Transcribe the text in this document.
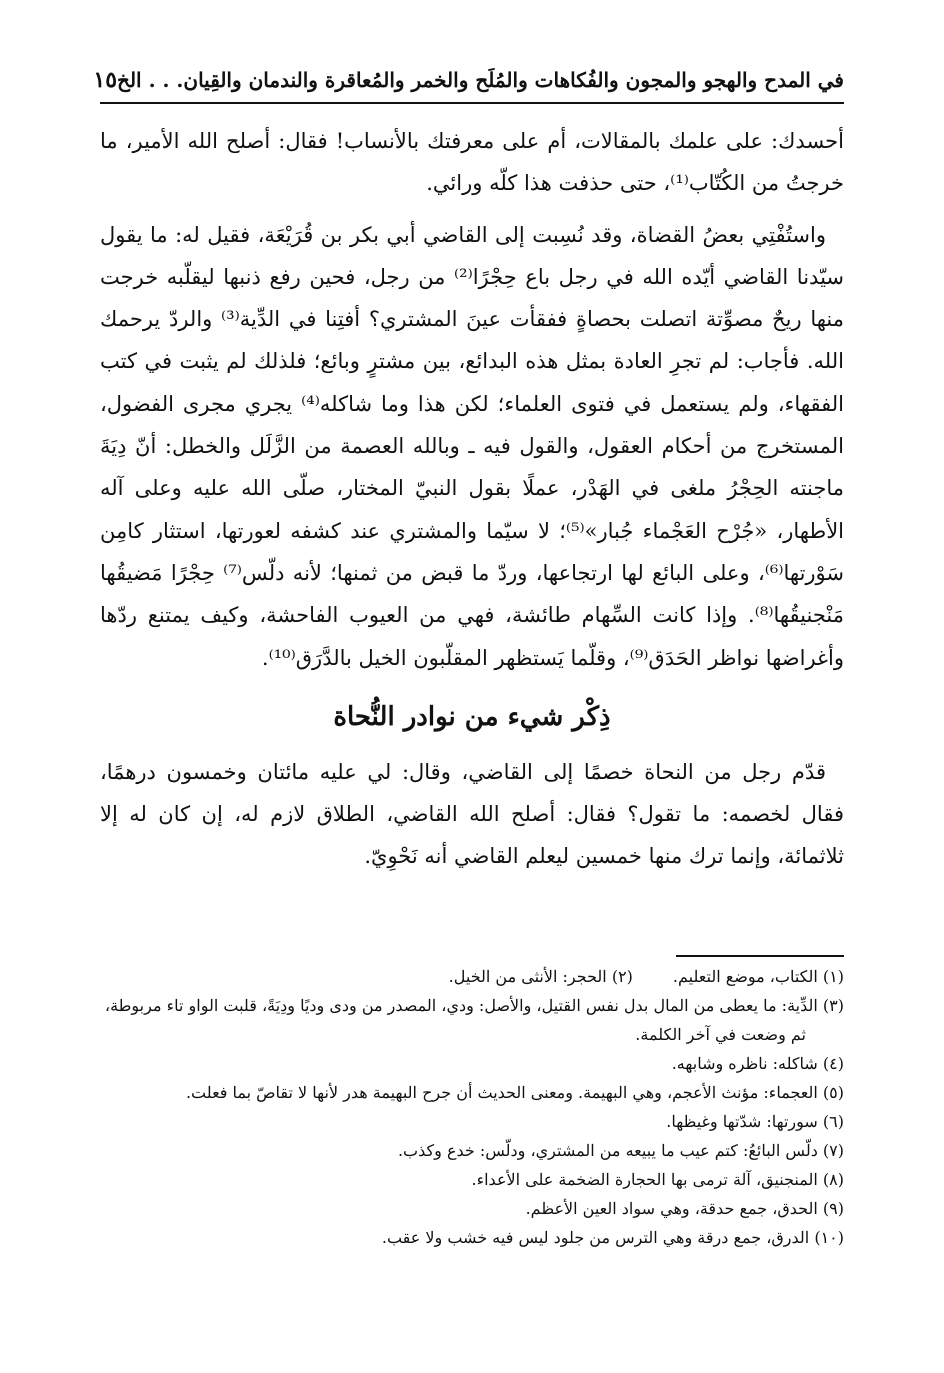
في المدح والهجو والمجون والفُكاهات والمُلَح والخمر والمُعاقرة والندمان والقِيان. . . الخ
١٥

أحسدك: على علمك بالمقالات، أم على معرفتك بالأنساب! فقال: أصلح الله الأمير، ما خرجتُ من الكُتّاب⁽¹⁾، حتى حذفت هذا كلّه ورائي.

واستُفْتِي بعضُ القضاة، وقد نُسِبت إلى القاضي أبي بكر بن قُرَيْعَة، فقيل له: ما يقول سيّدنا القاضي أيّده الله في رجل باع حِجْرًا⁽²⁾ من رجل، فحين رفع ذنبها ليقلّبه خرجت منها ريحٌ مصوِّتة اتصلت بحصاةٍ ففقأت عينَ المشتري؟ أفتِنا في الدِّية⁽³⁾ والردّ يرحمك الله. فأجاب: لم تجرِ العادة بمثل هذه البدائع، بين مشترٍ وبائع؛ فلذلك لم يثبت في كتب الفقهاء، ولم يستعمل في فتوى العلماء؛ لكن هذا وما شاكله⁽⁴⁾ يجري مجرى الفضول، المستخرج من أحكام العقول، والقول فيه ـ وبالله العصمة من الزَّلَل والخطل: أنّ دِيَةَ ماجنته الحِجْرُ ملغى في الهَدْر، عملًا بقول النبيّ المختار، صلّى الله عليه وعلى آله الأطهار، «جُرْح العَجْماء جُبار»⁽⁵⁾؛ لا سيّما والمشتري عند كشفه لعورتها، استثار كامِن سَوْرتها⁽⁶⁾، وعلى البائع لها ارتجاعها، وردّ ما قبض من ثمنها؛ لأنه دلّس⁽⁷⁾ حِجْرًا مَضيقُها مَنْجنيقُها⁽⁸⁾. وإذا كانت السِّهام طائشة، فهي من العيوب الفاحشة، وكيف يمتنع ردّها وأغراضها نواظر الحَدَق⁽⁹⁾، وقلّما يَستظهر المقلّبون الخيل بالدَّرَق⁽¹⁰⁾.

ذِكْر شيء من نوادر النُّحاة

قدّم رجل من النحاة خصمًا إلى القاضي، وقال: لي عليه مائتان وخمسون درهمًا، فقال لخصمه: ما تقول؟ فقال: أصلح الله القاضي، الطلاق لازم له، إن كان له إلا ثلاثمائة، وإنما ترك منها خمسين ليعلم القاضي أنه نَحْوِيّ.

(١) الكتاب، موضع التعليم.

(٢) الحجر: الأنثى من الخيل.

(٣) الدِّية: ما يعطى من المال بدل نفس القتيل، والأصل: ودي، المصدر من ودى وديًا ودِيَةً، قلبت الواو تاء مربوطة، ثم وضعت في آخر الكلمة.

(٤) شاكله: ناظره وشابهه.

(٥) العجماء: مؤنث الأعجم، وهي البهيمة. ومعنى الحديث أن جرح البهيمة هدر لأنها لا تقاصّ بما فعلت.

(٦) سورتها: شدّتها وغيظها.

(٧) دلّس البائعُ: كتم عيب ما يبيعه من المشتري، ودلّس: خدع وكذب.

(٨) المنجنيق، آلة ترمى بها الحجارة الضخمة على الأعداء.

(٩) الحدق، جمع حدقة، وهي سواد العين الأعظم.

(١٠) الدرق، جمع درقة وهي الترس من جلود ليس فيه خشب ولا عقب.
